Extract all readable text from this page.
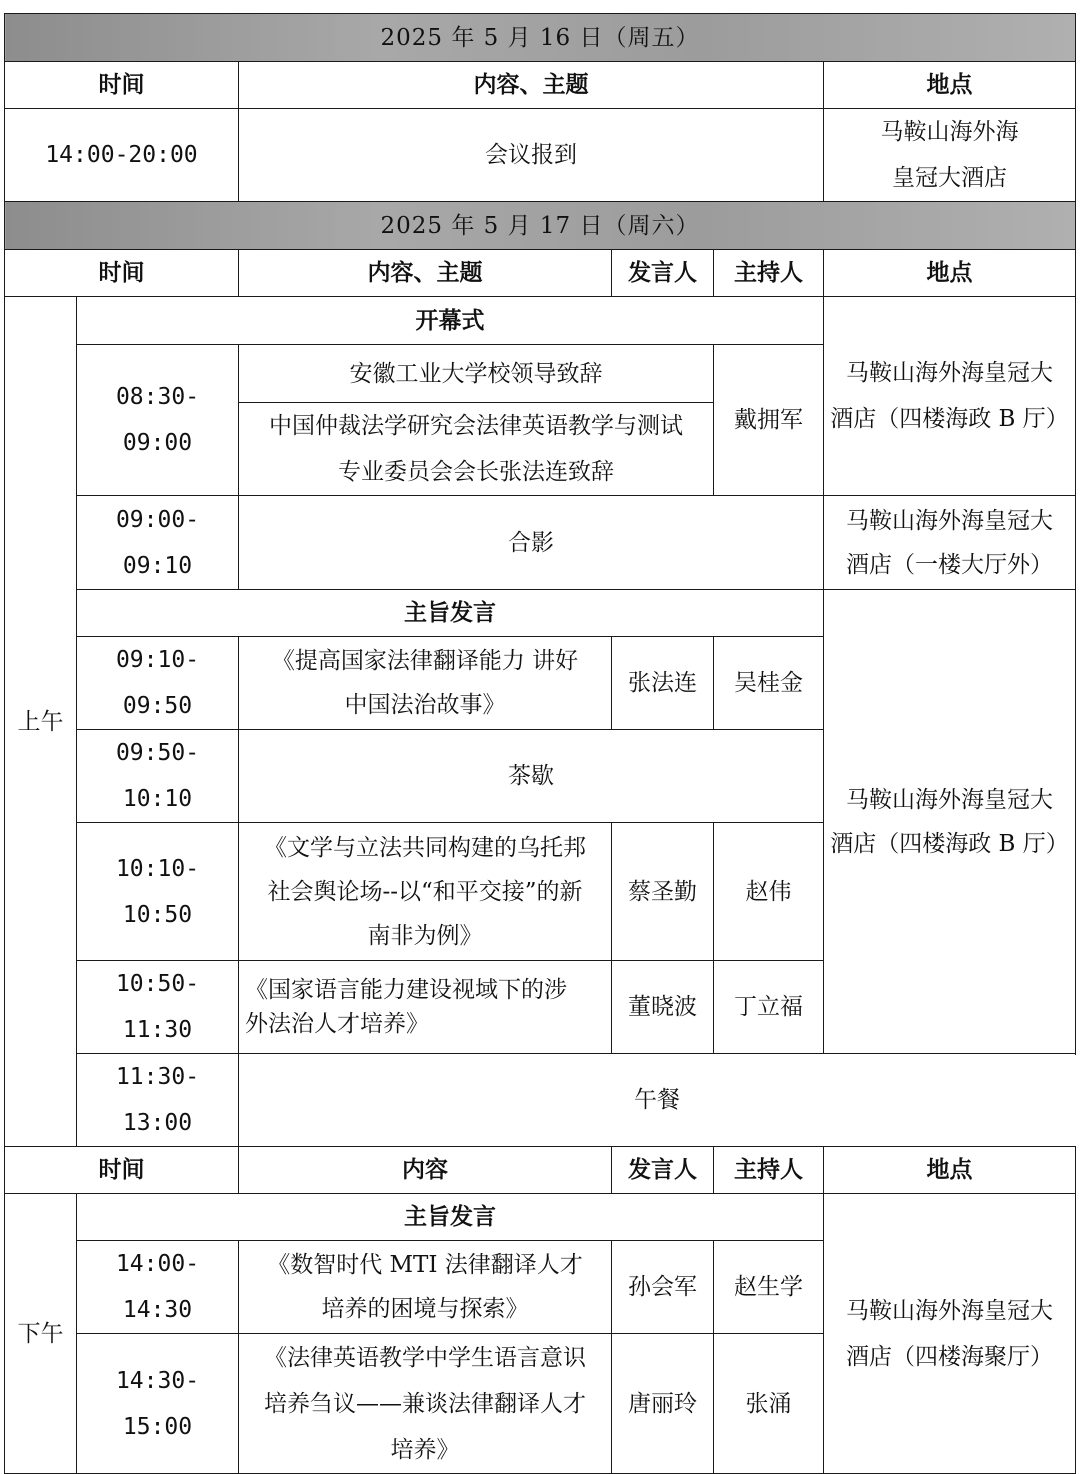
2025 年 5 月 16 日（周五）					
时间		内容、主题			地点
14:00-20:00		会议报到			马鞍山海外海
皇冠大酒店
2025 年 5 月 17 日（周六）					
时间		内容、主题	发言人	主持人	地点
上午	开幕式				马鞍山海外海皇冠大
酒店（四楼海政 B 厅）
	08:30-09:00	安徽工业大学校领导致辞		戴拥军	
		中国仲裁法学研究会法律英语教学与测试
专业委员会会长张法连致辞			

	09:00-09:10	合影			马鞍山海外海皇冠大
酒店（一楼大厅外）
	主旨发言				马鞍山海外海皇冠大
酒店（四楼海政 B 厅）
	09:10-09:50	《提高国家法律翻译能力 讲好
中国法治故事》	张法连	吴桂金	
	09:50-10:10	茶歇			
	10:10-10:50	《文学与立法共同构建的乌托邦
社会舆论场--以“和平交接”的新
南非为例》	蔡圣勤	赵伟	
	10:50-11:30	《国家语言能力建设视域下的涉
外法治人才培养》	董晓波	丁立福	

	11:30-13:00	午餐			
时间		内容	发言人	主持人	地点
下午	主旨发言				马鞍山海外海皇冠大
酒店（四楼海聚厅）
	14:00-14:30	《数智时代 MTI 法律翻译人才
培养的困境与探索》	孙会军	赵生学	
	14:30-15:00	《法律英语教学中学生语言意识
培养刍议——兼谈法律翻译人才
培养》	唐丽玲	张涌	
